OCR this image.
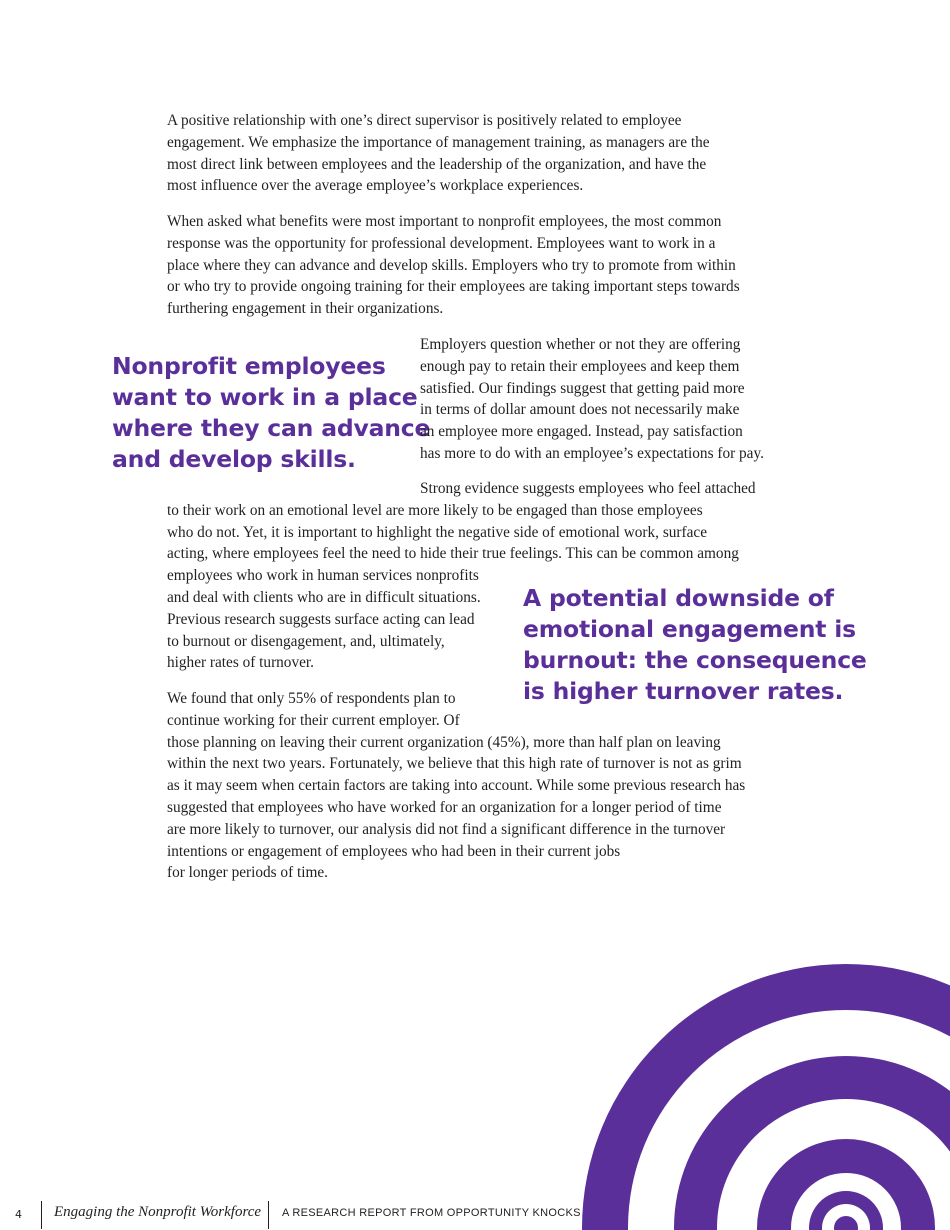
A positive relationship with one’s direct supervisor is positively related to employee
engagement. We emphasize the importance of management training, as managers are the
most direct link between employees and the leadership of the organization, and have the
most influence over the average employee’s workplace experiences.
When asked what benefits were most important to nonprofit employees, the most common
response was the opportunity for professional development. Employees want to work in a
place where they can advance and develop skills. Employers who try to promote from within
or who try to provide ongoing training for their employees are taking important steps towards
furthering engagement in their organizations.
Nonprofit employees
want to work in a place
where they can advance
and develop skills.
Employers question whether or not they are offering
enough pay to retain their employees and keep them
satisfied. Our findings suggest that getting paid more
in terms of dollar amount does not necessarily make
an employee more engaged. Instead, pay satisfaction
has more to do with an employee’s expectations for pay.
Strong evidence suggests employees who feel attached
to their work on an emotional level are more likely to be engaged than those employees
who do not. Yet, it is important to highlight the negative side of emotional work, surface
acting, where employees feel the need to hide their true feelings. This can be common among
employees who work in human services nonprofits
and deal with clients who are in difficult situations.
Previous research suggests surface acting can lead
to burnout or disengagement, and, ultimately,
higher rates of turnover.
A potential downside of
emotional engagement is
burnout: the consequence
is higher turnover rates.
We found that only 55% of respondents plan to
continue working for their current employer. Of
those planning on leaving their current organization (45%), more than half plan on leaving
within the next two years. Fortunately, we believe that this high rate of turnover is not as grim
as it may seem when certain factors are taking into account. While some previous research has
suggested that employees who have worked for an organization for a longer period of time
are more likely to turnover, our analysis did not find a significant difference in the turnover
intentions or engagement of employees who had been in their current jobs
for longer periods of time.
4 Engaging the Nonprofit Workforce A RESEARCH REPORT FROM OPPORTUNITY KNOCKS
